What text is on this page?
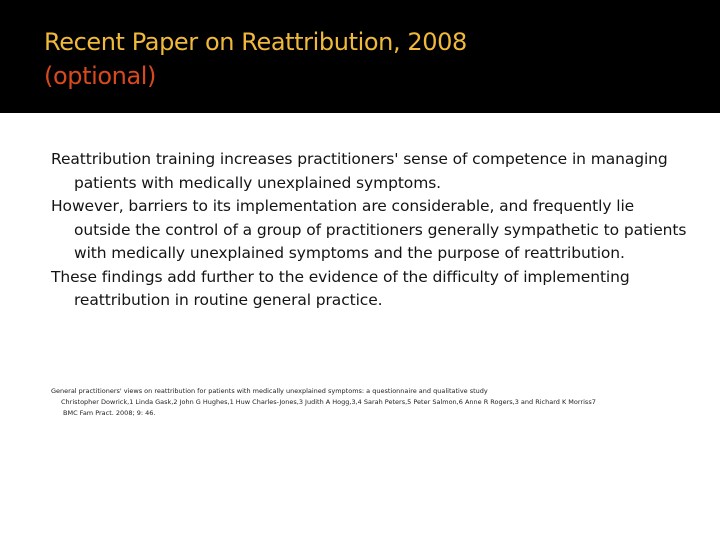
Recent Paper on Reattribution, 2008
(optional)

Reattribution training increases practitioners' sense of competence in managing patients with medically unexplained symptoms.

However, barriers to its implementation are considerable, and frequently lie outside the control of a group of practitioners generally sympathetic to patients with medically unexplained symptoms and the purpose of reattribution.

These findings add further to the evidence of the difficulty of implementing reattribution in routine general practice.

General practitioners' views on reattribution for patients with medically unexplained symptoms: a questionnaire and qualitative study
Christopher Dowrick,1 Linda Gask,2 John G Hughes,1 Huw Charles-Jones,3 Judith A Hogg,3,4 Sarah Peters,5 Peter Salmon,6 Anne R Rogers,3 and Richard K Morriss7
BMC Fam Pract. 2008; 9: 46.
